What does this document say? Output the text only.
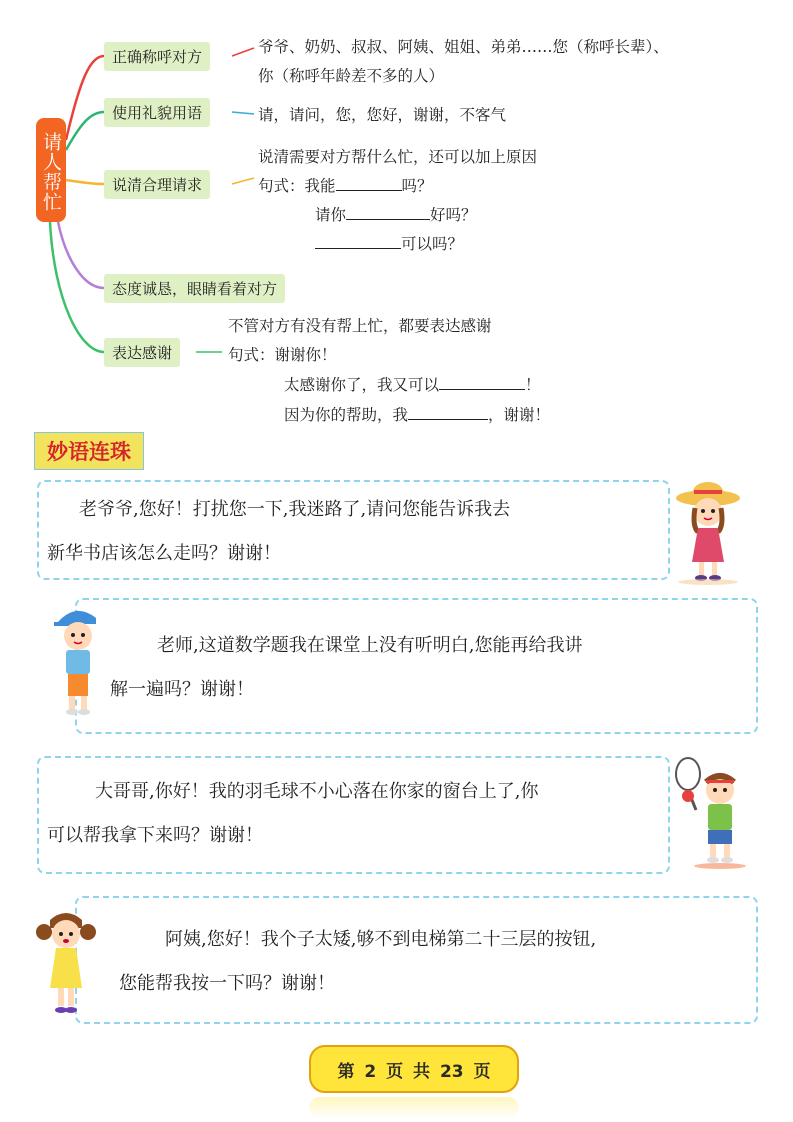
请人帮忙
正确称呼对方
爷爷、奶奶、叔叔、阿姨、姐姐、弟弟……您（称呼长辈）、
你（称呼年龄差不多的人）
使用礼貌用语	请，请问，您，您好，谢谢，不客气
说清合理请求
说清需要对方帮什么忙，还可以加上原因
句式：我能	吗？
请你	好吗？
可以吗？
态度诚恳，眼睛看着对方
表达感谢
不管对方有没有帮上忙，都要表达感谢
句式：谢谢你！
太感谢你了，我又可以	！
因为你的帮助，我	，谢谢！
妙语连珠
老爷爷,您好！打扰您一下,我迷路了,请问您能告诉我去
新华书店该怎么走吗？谢谢！
老师,这道数学题我在课堂上没有听明白,您能再给我讲
解一遍吗？谢谢！
大哥哥,你好！我的羽毛球不小心落在你家的窗台上了,你
可以帮我拿下来吗？谢谢！
阿姨,您好！我个子太矮,够不到电梯第二十三层的按钮,
您能帮我按一下吗？谢谢！
第 2 页 共 23 页
